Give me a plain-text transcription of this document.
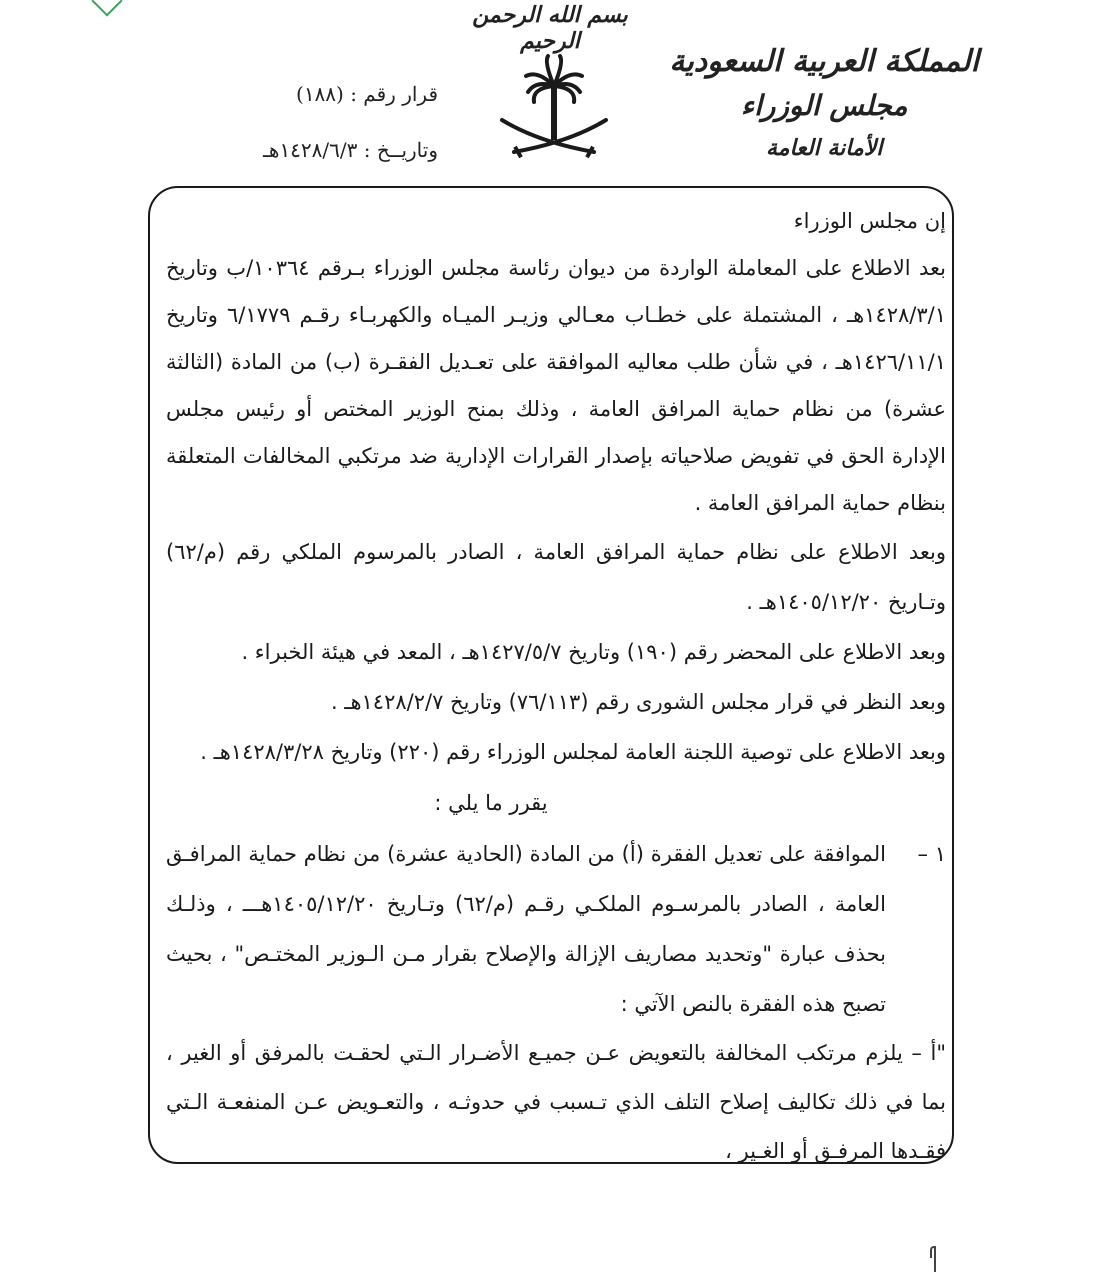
بسم الله الرحمن الرحيم
المملكة العربية السعودية
مجلس الوزراء
الأمانة العامة
قرار رقم : (١٨٨)
وتاريــخ : ١٤٢٨/٦/٣هـ
إن مجلس الوزراء
بعد الاطلاع على المعاملة الواردة من ديوان رئاسة مجلس الوزراء بـرقم ١٠٣٦٤/ب وتاريخ ١٤٢٨/٣/١هـ ، المشتملة على خطـاب معـالي وزيـر الميـاه والكهربـاء رقـم ٦/١٧٧٩ وتاريخ ١٤٢٦/١١/١هـ ، في شأن طلب معاليه الموافقة على تعـديل الفقـرة (ب) من المادة (الثالثة عشرة) من نظام حماية المرافق العامة ، وذلك بمنح الوزير المختص أو رئيس مجلس الإدارة الحق في تفويض صلاحياته بإصدار القرارات الإدارية ضد مرتكبي المخالفات المتعلقة بنظام حماية المرافق العامة .
وبعد الاطلاع على نظام حماية المرافق العامة ، الصادر بالمرسوم الملكي رقم (م/٦٢) وتـاريخ ١٤٠٥/١٢/٢٠هـ .
وبعد الاطلاع على المحضر رقم (١٩٠) وتاريخ ١٤٢٧/٥/٧هـ ، المعد في هيئة الخبراء .
وبعد النظر في قرار مجلس الشورى رقم (٧٦/١١٣) وتاريخ ١٤٢٨/٢/٧هـ .
وبعد الاطلاع على توصية اللجنة العامة لمجلس الوزراء رقم (٢٢٠) وتاريخ ١٤٢٨/٣/٢٨هـ .
يقرر ما يلي :
١ –
الموافقة على تعديل الفقرة (أ) من المادة (الحادية عشرة) من نظام حماية المرافـق العامة ، الصادر بالمرسـوم الملكـي رقـم (م/٦٢) وتـاريخ ١٤٠٥/١٢/٢٠هـــ ، وذلـك بحذف عبارة "وتحديد مصاريف الإزالة والإصلاح بقرار مـن الـوزير المختـص" ، بحيث تصبح هذه الفقرة بالنص الآتي :
"أ – يلزم مرتكب المخالفة بالتعويض عـن جميـع الأضـرار الـتي لحقـت بالمرفق أو الغير ، بما في ذلك تكاليف إصلاح التلف الذي تـسبب في حدوثـه ، والتعـويض عـن المنفعـة الـتي فقـدها المرفـق أو الغـير ،
